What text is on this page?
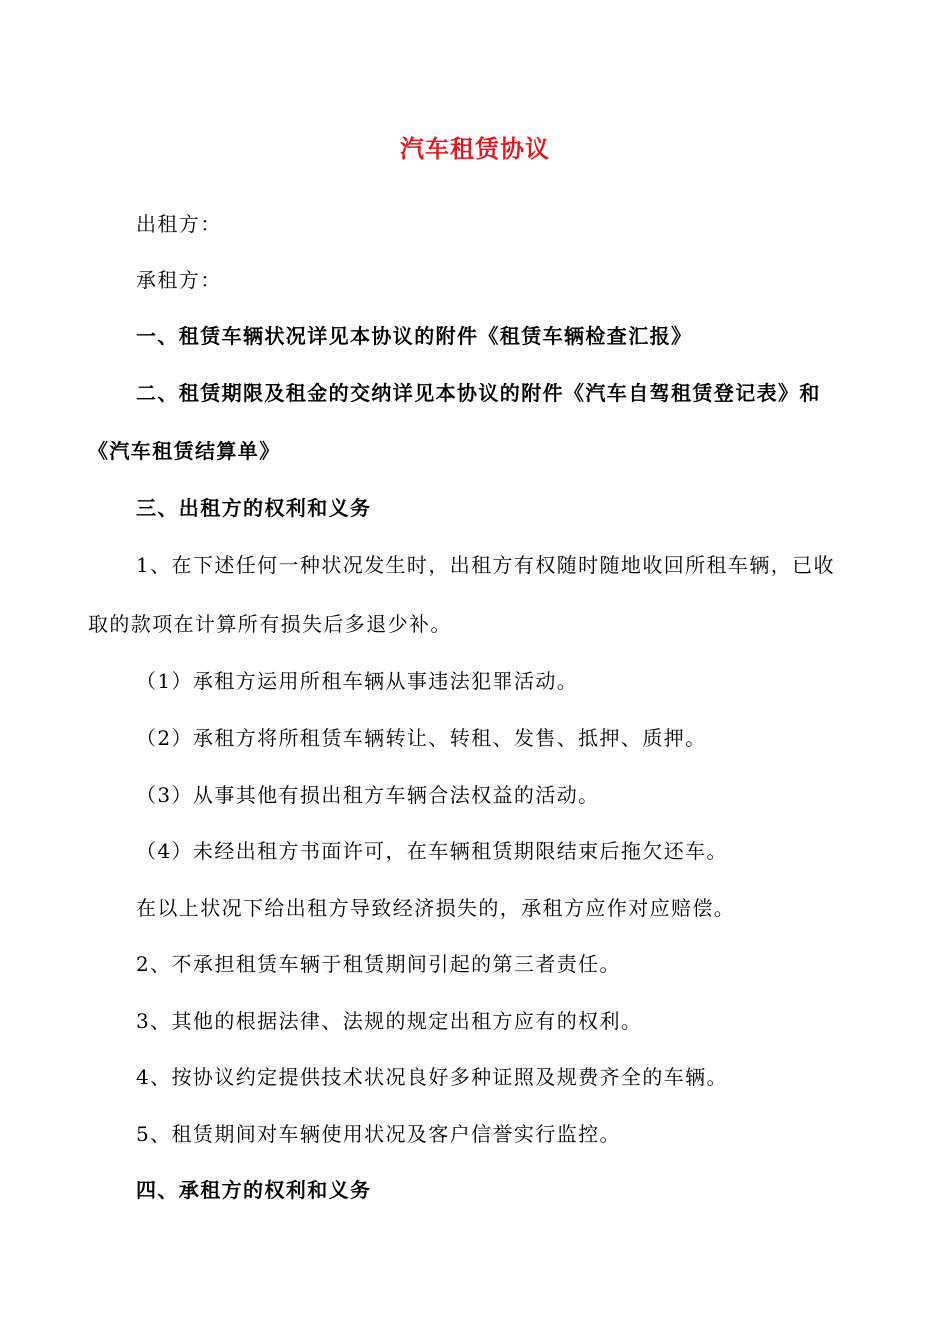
汽车租赁协议
出租方：
承租方：
一、租赁车辆状况详见本协议的附件《租赁车辆检查汇报》
二、租赁期限及租金的交纳详见本协议的附件《汽车自驾租赁登记表》和
《汽车租赁结算单》
三、出租方的权利和义务
1、在下述任何一种状况发生时，出租方有权随时随地收回所租车辆，已收
取的款项在计算所有损失后多退少补。
（1）承租方运用所租车辆从事违法犯罪活动。
（2）承租方将所租赁车辆转让、转租、发售、抵押、质押。
（3）从事其他有损出租方车辆合法权益的活动。
（4）未经出租方书面许可，在车辆租赁期限结束后拖欠还车。
在以上状况下给出租方导致经济损失的，承租方应作对应赔偿。
2、不承担租赁车辆于租赁期间引起的第三者责任。
3、其他的根据法律、法规的规定出租方应有的权利。
4、按协议约定提供技术状况良好多种证照及规费齐全的车辆。
5、租赁期间对车辆使用状况及客户信誉实行监控。
四、承租方的权利和义务
